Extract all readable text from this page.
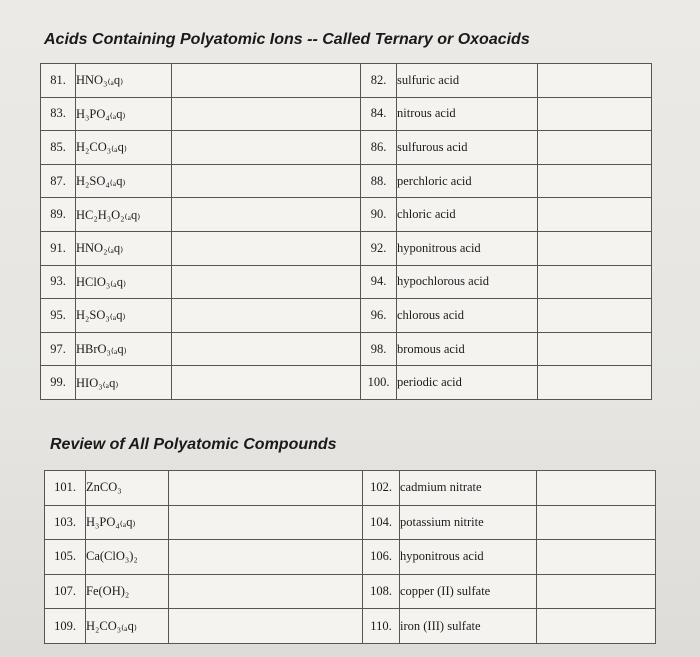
Acids Containing Polyatomic Ions -- Called Ternary or Oxoacids
81.	HNO₃₍ₐq₎		82.	sulfuric acid	
83.	H₃PO₄₍ₐq₎		84.	nitrous acid	
85.	H₂CO₃₍ₐq₎		86.	sulfurous acid	
87.	H₂SO₄₍ₐq₎		88.	perchloric acid	
89.	HC₂H₃O₂₍ₐq₎		90.	chloric acid	
91.	HNO₂₍ₐq₎		92.	hyponitrous acid	
93.	HClO₃₍ₐq₎		94.	hypochlorous acid	
95.	H₂SO₃₍ₐq₎		96.	chlorous acid	
97.	HBrO₃₍ₐq₎		98.	bromous acid	
99.	HIO₃₍ₐq₎		100.	periodic acid	
Review of All Polyatomic Compounds
101.	ZnCO₃		102.	cadmium nitrate	
103.	H₃PO₄₍ₐq₎		104.	potassium nitrite	
105.	Ca(ClO₃)₂		106.	hyponitrous acid	
107.	Fe(OH)₂		108.	copper (II) sulfate	
109.	H₂CO₃₍ₐq₎		110.	iron (III) sulfate	
